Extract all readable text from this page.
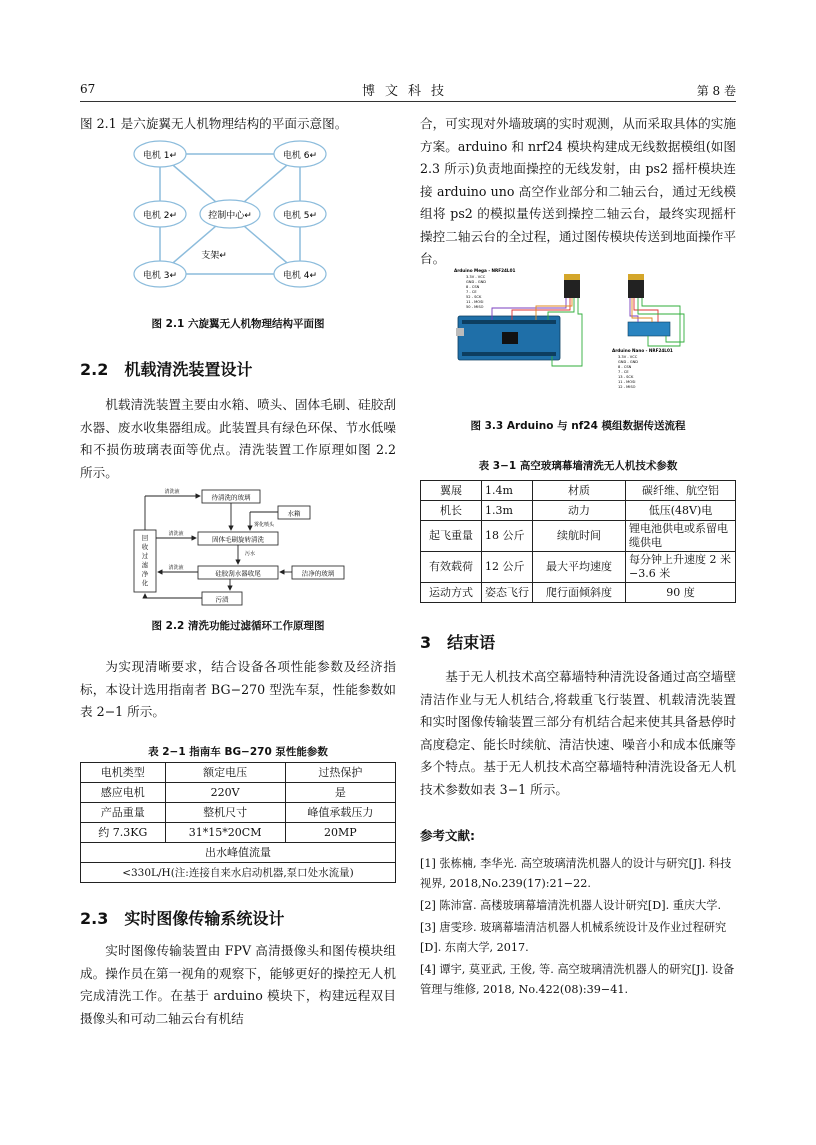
67	博文科技	第 8 卷

图 2.1 是六旋翼无人机物理结构的平面示意图。

电机 1↵	电机 6↵
电机 2↵	电机 5↵
电机 3↵	电机 4↵
控制中心↵
支架↵

图 2.1 六旋翼无人机物理结构平面图

2.2　机载清洗装置设计

机载清洗装置主要由水箱、喷头、固体毛刷、硅胶刮水器、废水收集器组成。此装置具有绿色环保、节水低噪和不损伤玻璃表面等优点。清洗装置工作原理如图 2.2 所示。

待清洗的玻璃
水箱
雾化喷头
固体毛刷旋转清洗
硅胶刮水器收尾	洁净的玻璃
污渍
清洗液
清洗液
清洗液
污水
回收过滤净化

图 2.2 清洗功能过滤循环工作原理图

为实现清晰要求，结合设备各项性能参数及经济指标，本设计选用指南者 BG−270 型洗车泵，性能参数如表 2−1 所示。

表 2−1 指南车 BG−270 泵性能参数

电机类型	额定电压	过热保护
感应电机	220V	是
产品重量	整机尺寸	峰值承载压力
约 7.3KG	31*15*20CM	20MP
出水峰值流量		
<330L/H(注:连接自来水启动机器,泵口处水流量)		

2.3　实时图像传输系统设计

实时图像传输装置由 FPV 高清摄像头和图传模块组成。操作员在第一视角的观察下，能够更好的操控无人机完成清洗工作。在基于 arduino 模块下，构建远程双目摄像头和可动二轴云台有机结

合，可实现对外墙玻璃的实时观测，从而采取具体的实施方案。arduino 和 nrf24 模块构建成无线数据模组(如图 2.3 所示)负责地面操控的无线发射，由 ps2 摇杆模块连接 arduino uno 高空作业部分和二轴云台，通过无线模组将 ps2 的模拟量传送到操控二轴云台，最终实现摇杆操控二轴云台的全过程，通过图传模块传送到地面操作平台。

Arduino Mega - NRF24L01
3.3V - VCC
GND - GND
8 - CSN
7 - CE
52 - SCK
11 - MOSI
50 - MISO
Arduino Nano - NRF24L01
3.3V - VCC
GND - GND
8 - CSN
7 - CE
13 - SCK
11 - MOSI
12 - MISO

图 3.3 Arduino 与 nf24 模组数据传送流程

表 3−1 高空玻璃幕墙清洗无人机技术参数

翼展	1.4m	材质	碳纤维、航空铝
机长	1.3m	动力	低压(48V)电
起飞重量	18 公斤	续航时间	锂电池供电或系留电缆供电
有效载荷	12 公斤	最大平均速度	每分钟上升速度 2 米−3.6 米
运动方式	姿态飞行	爬行面倾斜度	90 度

3　结束语

基于无人机技术高空幕墙特种清洗设备通过高空墙壁清洁作业与无人机结合,将载重飞行装置、机载清洗装置和实时图像传输装置三部分有机结合起来使其具备悬停时高度稳定、能长时续航、清洁快速、噪音小和成本低廉等多个特点。基于无人机技术高空幕墙特种清洗设备无人机技术参数如表 3−1 所示。

参考文献:

[1] 张栋楠, 李华光. 高空玻璃清洗机器人的设计与研究[J]. 科技视界, 2018,No.239(17):21−22.

[2] 陈沛富. 高楼玻璃幕墙清洗机器人设计研究[D]. 重庆大学.

[3] 唐雯珍. 玻璃幕墙清洁机器人机械系统设计及作业过程研究[D]. 东南大学, 2017.

[4] 谭宇, 莫亚武, 王俊, 等. 高空玻璃清洗机器人的研究[J]. 设备管理与维修, 2018, No.422(08):39−41.
